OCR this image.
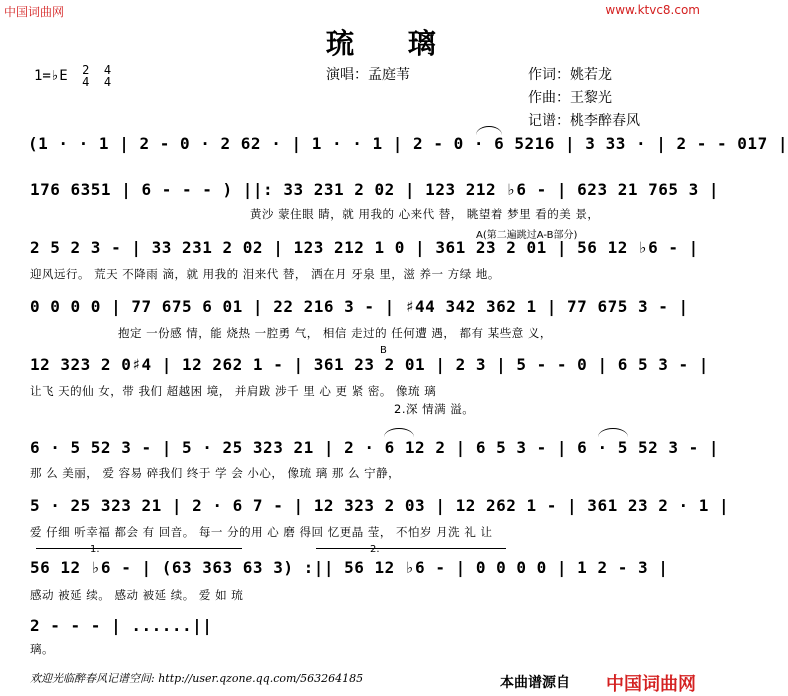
中国词曲网	www.ktvc8.com
琉 璃
1=♭E 2
4 4
4	演唱：孟庭苇	作词：姚若龙
作曲：王黎光
记谱：桃李醉春风
(1 · · 1 | 2 - 0 · 2 62 · | 1 · · 1 | 2 - 0 · 6 5216 | 3 33 · | 2 - - 017 |
176 6351 | 6 - - - ) ||: 33 231 2 02 | 123 212 ♭6 - | 623 21 765 3 |
黄沙 蒙住眼 睛，就 用我的 心来代 替， 眺望着 梦里 看的美 景，
A(第二遍跳过A-B部分)
2 5 2 3 - | 33 231 2 02 | 123 212 1 0 | 361 23 2 01 | 56 12 ♭6 - |
迎风远行。 荒天 不降雨 滴，就 用我的 泪来代 替， 洒在月 牙泉 里，滋 养一 方绿 地。
0 0 0 0 | 77 675 6 01 | 22 216 3 - | ♯44 342 362 1 | 77 675 3 - |
抱定 一份感 情，能 烧热 一腔勇 气， 相信 走过的 任何遭 遇， 都有 某些意 义，
B
12 323 2 0♯4 | 12 262 1 - | 361 23 2 01 | 2 3 | 5 - - 0 | 6 5 3 - |
让飞 天的仙 女，带 我们 超越困 境， 并肩跋 涉千 里 心 更 紧 密。 像琉 璃
2.深 情满 溢。
6 · 5 52 3 - | 5 · 25 323 21 | 2 · 6 12 2 | 6 5 3 - | 6 · 5 52 3 - |
那 么 美丽， 爱 容易 碎我们 终于 学 会 小心， 像琉 璃 那 么 宁静，
5 · 25 323 21 | 2 · 6 7 - | 12 323 2 03 | 12 262 1 - | 361 23 2 · 1 |
爱 仔细 听幸福 都会 有 回音。 每一 分的用 心 磨 得回 忆更晶 莹， 不怕岁 月洗 礼 让
1.	2.
56 12 ♭6 - | (63 363 63 3) :|| 56 12 ♭6 - | 0 0 0 0 | 1 2 - 3 |
感动 被延 续。 感动 被延 续。 爱 如 琉
2 - - - | ......||
璃。
欢迎光临醉春风记谱空间: http://user.qzone.qq.com/563264185	本曲谱源自 中国词曲网
